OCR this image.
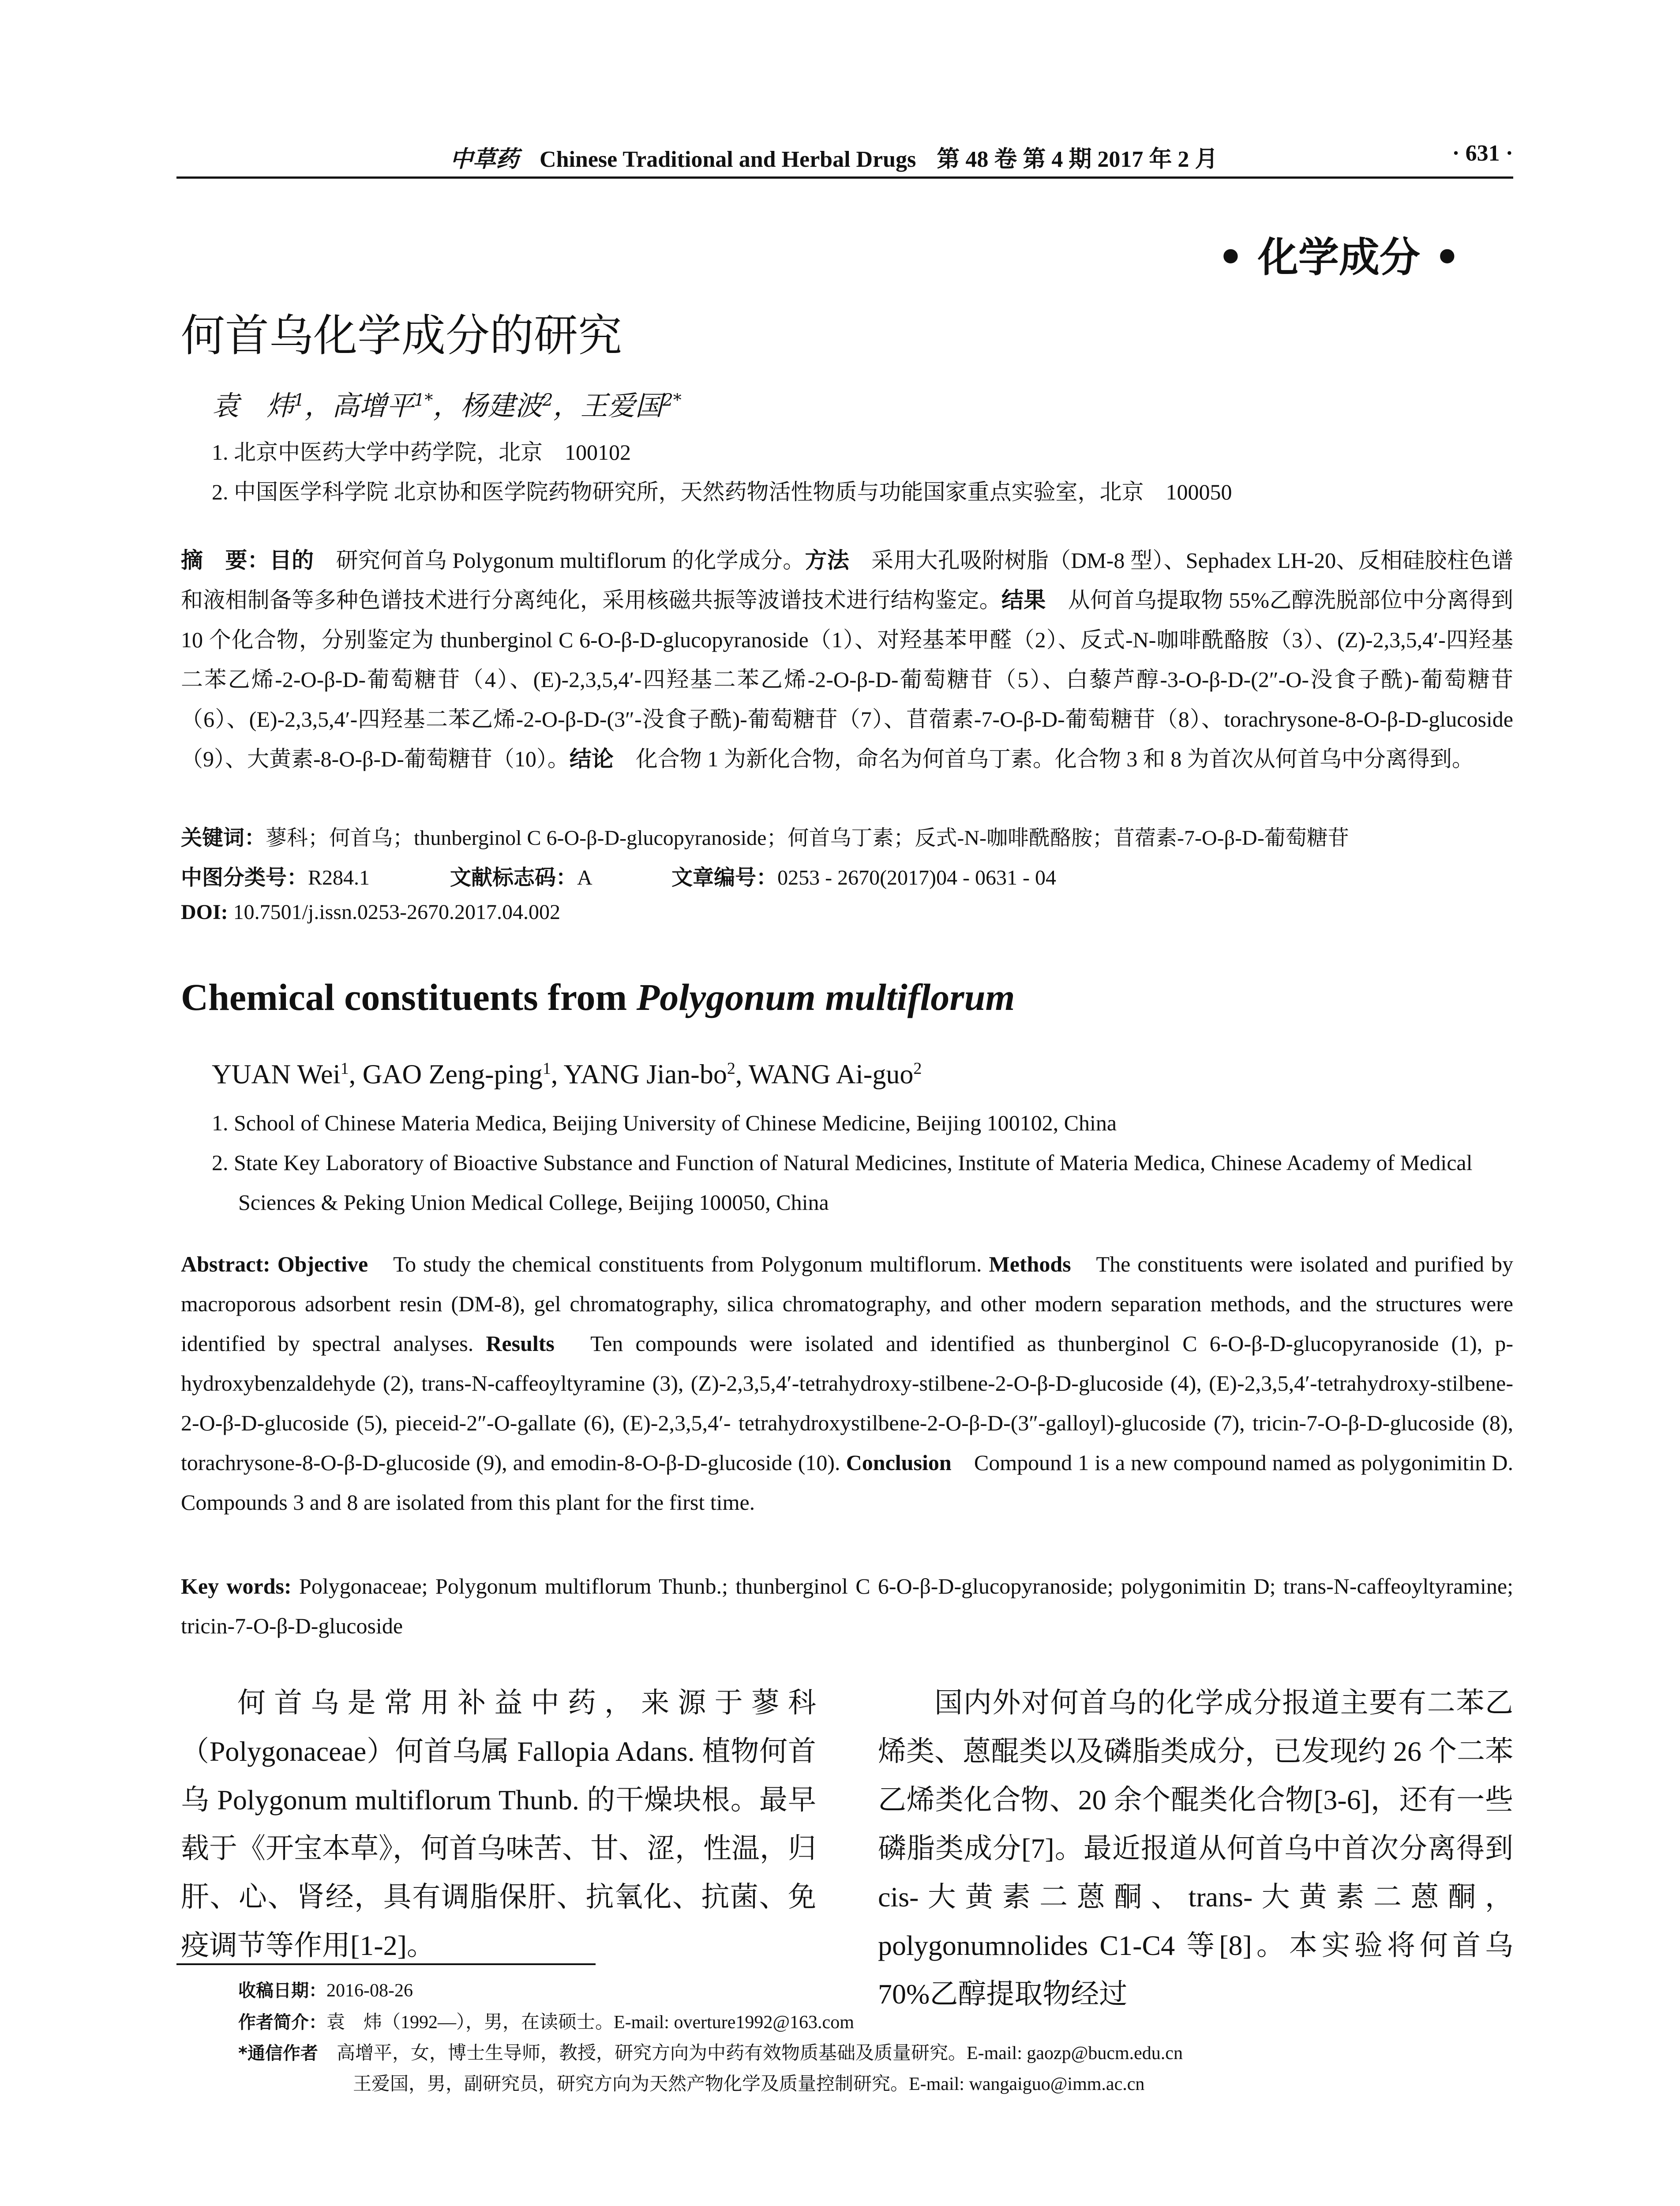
中草药 Chinese Traditional and Herbal Drugs 第 48 卷 第 4 期 2017 年 2 月	· 631 ·
• 化学成分 •
何首乌化学成分的研究
袁　炜$^1$，高增平$^{1*}$，杨建波$^2$，王爱国$^{2*}$
1. 北京中医药大学中药学院，北京　100102
2. 中国医学科学院 北京协和医学院药物研究所，天然药物活性物质与功能国家重点实验室，北京　100050
摘　要：目的　 研究何首乌 Polygonum multiflorum 的化学成分。方法　 采用大孔吸附树脂（DM-8 型）、Sephadex LH-20、反相硅胶柱色谱和液相制备等多种色谱技术进行分离纯化，采用核磁共振等波谱技术进行结构鉴定。结果　 从何首乌提取物 55%乙醇洗脱部位中分离得到 10 个化合物，分别鉴定为 thunberginol C 6-O-β-D-glucopyranoside（1）、对羟基苯甲醛（2）、反式-N-咖啡酰酪胺（3）、(Z)-2,3,5,4′-四羟基二苯乙烯-2-O-β-D-葡萄糖苷（4）、(E)-2,3,5,4′-四羟基二苯乙烯-2-O-β-D-葡萄糖苷（5）、白藜芦醇-3-O-β-D-(2″-O-没食子酰)-葡萄糖苷（6）、(E)-2,3,5,4′-四羟基二苯乙烯-2-O-β-D-(3″-没食子酰)-葡萄糖苷（7）、苜蓿素-7-O-β-D-葡萄糖苷（8）、torachrysone-8-O-β-D-glucoside（9）、大黄素-8-O-β-D-葡萄糖苷（10）。结论　 化合物 1 为新化合物，命名为何首乌丁素。化合物 3 和 8 为首次从何首乌中分离得到。
关键词：蓼科；何首乌；thunberginol C 6-O-β-D-glucopyranoside；何首乌丁素；反式-N-咖啡酰酪胺；苜蓿素-7-O-β-D-葡萄糖苷
中图分类号：R284.1	文献标志码：A	文章编号：0253 - 2670(2017)04 - 0631 - 04
DOI: 10.7501/j.issn.0253-2670.2017.04.002
Chemical constituents from Polygonum multiflorum
YUAN Wei$^1$, GAO Zeng-ping$^1$, YANG Jian-$bo^2$, WANG Ai-guo$^2$
1. School of Chinese Materia Medica, Beijing University of Chinese Medicine, Beijing 100102, China
2. State Key Laboratory of Bioactive Substance and Function of Natural Medicines, Institute of Materia Medica, Chinese Academy of Medical Sciences & Peking Union Medical College, Beijing 100050, China
Abstract: Objective　 To study the chemical constituents from Polygonum multiflorum. Methods　 The constituents were isolated and purified by macroporous adsorbent resin (DM-8), gel chromatography, silica chromatography, and other modern separation methods, and the structures were identified by spectral analyses. Results　 Ten compounds were isolated and identified as thunberginol C 6-O-β-D-glucopyranoside (1), p-hydroxybenzaldehyde (2), trans-N-caffeoyltyramine (3), (Z)-2,3,5,4′-tetrahydroxy-stilbene-2-O-β-D-glucoside (4), (E)-2,3,5,4′-tetrahydroxy-stilbene-2-O-β-D-glucoside (5), pieceid-2″-O-gallate (6), (E)-2,3,5,4′- tetrahydroxystilbene-2-O-β-D-(3″-galloyl)-glucoside (7), tricin-7-O-β-D-glucoside (8), torachrysone-8-O-β-D-glucoside (9), and emodin-8-O-β-D-glucoside (10). Conclusion　 Compound 1 is a new compound named as polygonimitin D. Compounds 3 and 8 are isolated from this plant for the first time.
Key words: Polygonaceae; Polygonum multiflorum Thunb.; thunberginol C 6-O-β-D-glucopyranoside; polygonimitin D; trans-N-caffeoyltyramine; tricin-7-O-β-D-glucoside
何首乌是常用补益中药，来源于蓼科（Polygonaceae）何首乌属 Fallopia Adans. 植物何首乌 Polygonum multiflorum Thunb. 的干燥块根。最早载于《开宝本草》，何首乌味苦、甘、涩，性温，归肝、心、肾经，具有调脂保肝、抗氧化、抗菌、免疫调节等作用[1-2]。
国内外对何首乌的化学成分报道主要有二苯乙烯类、蒽醌类以及磷脂类成分，已发现约 26 个二苯乙烯类化合物、20 余个醌类化合物[3-6]，还有一些磷脂类成分[7]。最近报道从何首乌中首次分离得到 cis-大黄素二蒽酮、trans-大黄素二蒽酮，polygonumnolides C1-C4 等[8]。本实验将何首乌 70%乙醇提取物经过
收稿日期：2016-08-26
作者简介：袁　炜（1992—），男，在读硕士。E-mail: overture1992@163.com
*通信作者　 高增平，女，博士生导师，教授，研究方向为中药有效物质基础及质量研究。E-mail: gaozp@bucm.edu.cn
王爱国，男，副研究员，研究方向为天然产物化学及质量控制研究。E-mail: wangaiguo@imm.ac.cn
